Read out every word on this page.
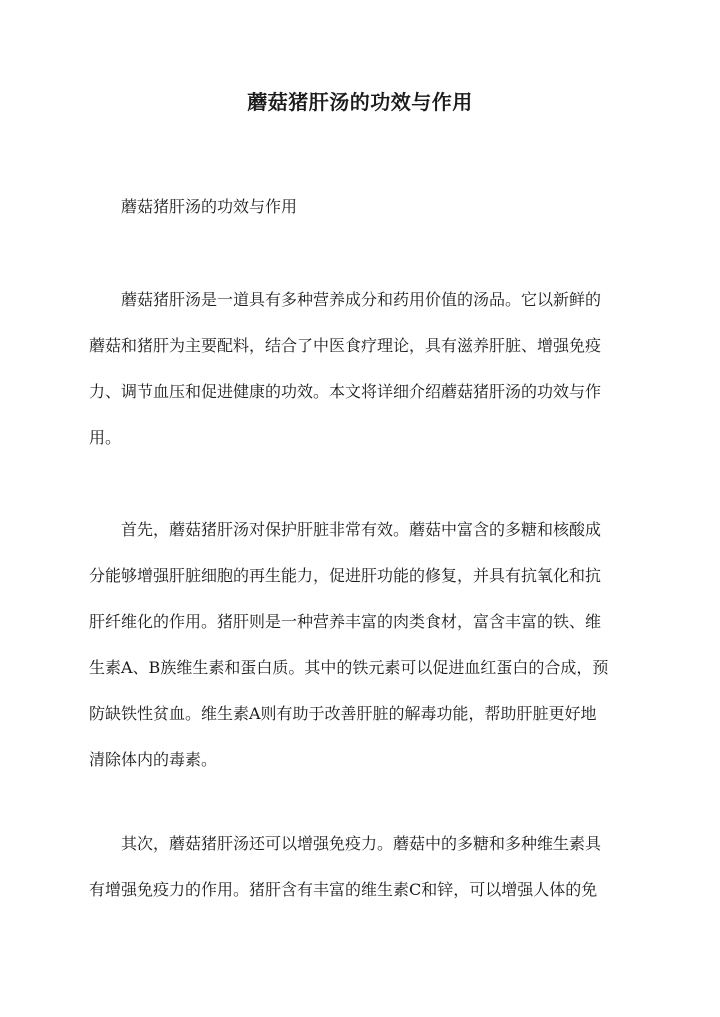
蘑菇猪肝汤的功效与作用

蘑菇猪肝汤的功效与作用

蘑菇猪肝汤是一道具有多种营养成分和药用价值的汤品。它以新鲜的
蘑菇和猪肝为主要配料，结合了中医食疗理论，具有滋养肝脏、增强免疫
力、调节血压和促进健康的功效。本文将详细介绍蘑菇猪肝汤的功效与作
用。
首先，蘑菇猪肝汤对保护肝脏非常有效。蘑菇中富含的多糖和核酸成
分能够增强肝脏细胞的再生能力，促进肝功能的修复，并具有抗氧化和抗
肝纤维化的作用。猪肝则是一种营养丰富的肉类食材，富含丰富的铁、维
生素A、B族维生素和蛋白质。其中的铁元素可以促进血红蛋白的合成，预
防缺铁性贫血。维生素A则有助于改善肝脏的解毒功能，帮助肝脏更好地
清除体内的毒素。
其次，蘑菇猪肝汤还可以增强免疫力。蘑菇中的多糖和多种维生素具
有增强免疫力的作用。猪肝含有丰富的维生素C和锌，可以增强人体的免
